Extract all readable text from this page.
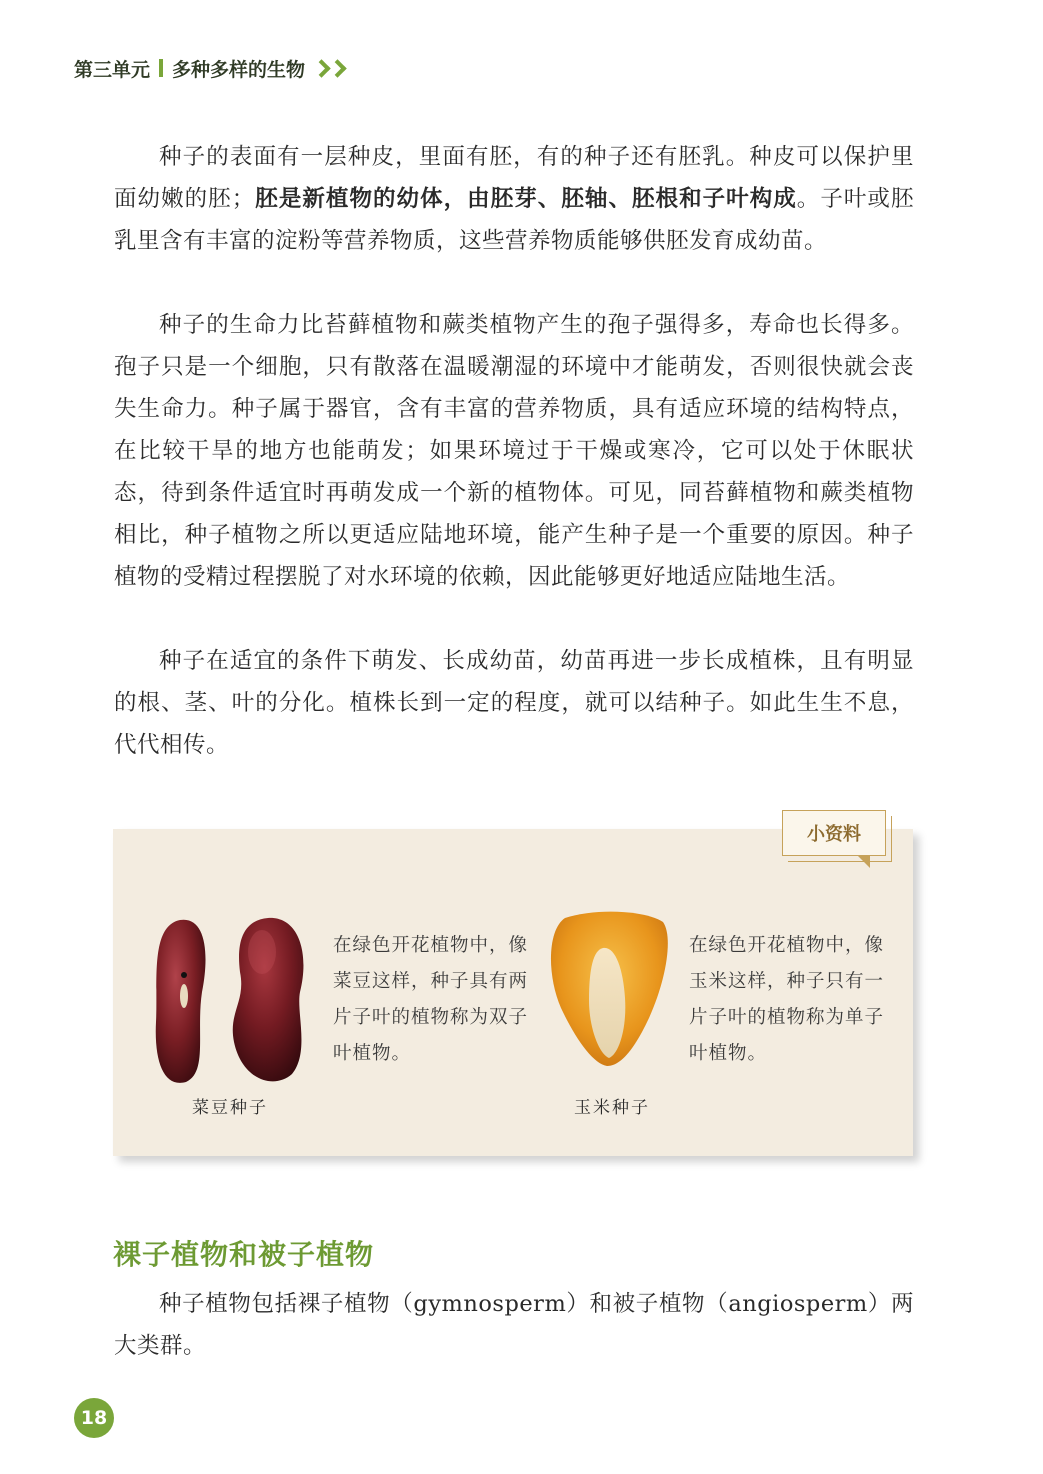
第三单元 多种多样的生物

种子的表面有一层种皮，里面有胚，有的种子还有胚乳。种皮可以保护里面幼嫩的胚；胚是新植物的幼体，由胚芽、胚轴、胚根和子叶构成。子叶或胚乳里含有丰富的淀粉等营养物质，这些营养物质能够供胚发育成幼苗。

种子的生命力比苔藓植物和蕨类植物产生的孢子强得多，寿命也长得多。孢子只是一个细胞，只有散落在温暖潮湿的环境中才能萌发，否则很快就会丧失生命力。种子属于器官，含有丰富的营养物质，具有适应环境的结构特点，在比较干旱的地方也能萌发；如果环境过于干燥或寒冷，它可以处于休眠状态，待到条件适宜时再萌发成一个新的植物体。可见，同苔藓植物和蕨类植物相比，种子植物之所以更适应陆地环境，能产生种子是一个重要的原因。种子植物的受精过程摆脱了对水环境的依赖，因此能够更好地适应陆地生活。

种子在适宜的条件下萌发、长成幼苗，幼苗再进一步长成植株，且有明显的根、茎、叶的分化。植株长到一定的程度，就可以结种子。如此生生不息，代代相传。

小资料
在绿色开花植物中，像菜豆这样，种子具有两片子叶的植物称为双子叶植物。
在绿色开花植物中，像玉米这样，种子只有一片子叶的植物称为单子叶植物。
菜豆种子	玉米种子
裸子植物和被子植物

种子植物包括裸子植物（gymnosperm）和被子植物（angiosperm）两大类群。

18
